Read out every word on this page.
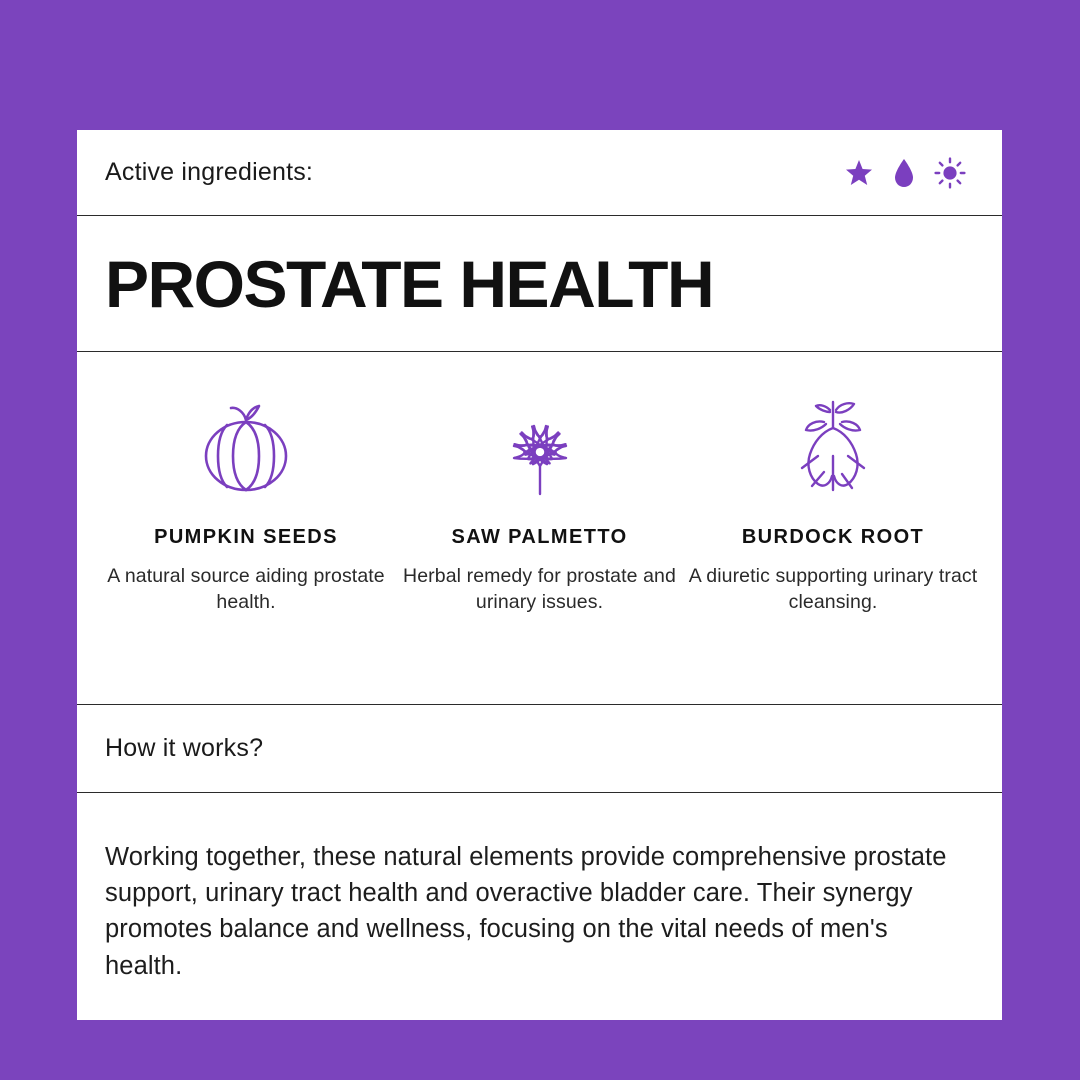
Active ingredients:
PROSTATE HEALTH
PUMPKIN SEEDS
A natural source aiding prostate health.
SAW PALMETTO
Herbal remedy for prostate and urinary issues.
BURDOCK ROOT
A diuretic supporting urinary tract cleansing.
How it works?
Working together, these natural elements provide comprehensive prostate support, urinary tract health and overactive bladder care. Their synergy promotes balance and wellness, focusing on the vital needs of men's health.
